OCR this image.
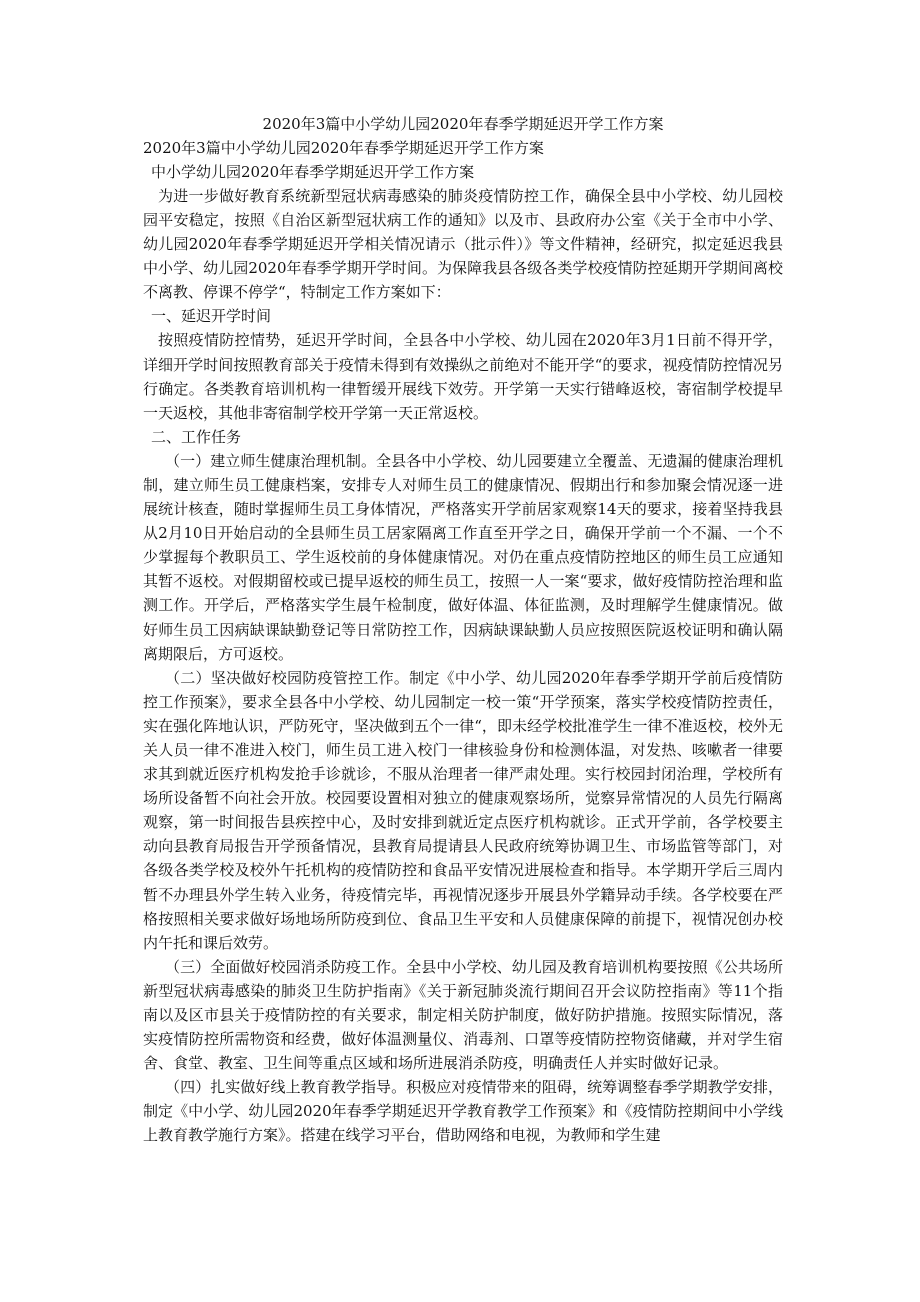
2020年3篇中小学幼儿园2020年春季学期延迟开学工作方案

2020年3篇中小学幼儿园2020年春季学期延迟开学工作方案

中小学幼儿园2020年春季学期延迟开学工作方案

为进一步做好教育系统新型冠状病毒感染的肺炎疫情防控工作，确保全县中小学校、幼儿园校园平安稳定，按照《自治区新型冠状病工作的通知》以及市、县政府办公室《关于全市中小学、幼儿园2020年春季学期延迟开学相关情况请示（批示件）》等文件精神，经研究，拟定延迟我县中小学、幼儿园2020年春季学期开学时间。为保障我县各级各类学校疫情防控延期开学期间离校不离教、停课不停学“，特制定工作方案如下：

一、延迟开学时间

按照疫情防控情势，延迟开学时间，全县各中小学校、幼儿园在2020年3月1日前不得开学，详细开学时间按照教育部关于疫情未得到有效操纵之前绝对不能开学“的要求，视疫情防控情况另行确定。各类教育培训机构一律暂缓开展线下效劳。开学第一天实行错峰返校，寄宿制学校提早一天返校，其他非寄宿制学校开学第一天正常返校。

二、工作任务

（一）建立师生健康治理机制。全县各中小学校、幼儿园要建立全覆盖、无遗漏的健康治理机制，建立师生员工健康档案，安排专人对师生员工的健康情况、假期出行和参加聚会情况逐一进展统计核查，随时掌握师生员工身体情况，严格落实开学前居家观察14天的要求，接着坚持我县从2月10日开始启动的全县师生员工居家隔离工作直至开学之日，确保开学前一个不漏、一个不少掌握每个教职员工、学生返校前的身体健康情况。对仍在重点疫情防控地区的师生员工应通知其暂不返校。对假期留校或已提早返校的师生员工，按照一人一案“要求，做好疫情防控治理和监测工作。开学后，严格落实学生晨午检制度，做好体温、体征监测，及时理解学生健康情况。做好师生员工因病缺课缺勤登记等日常防控工作，因病缺课缺勤人员应按照医院返校证明和确认隔离期限后，方可返校。

（二）坚决做好校园防疫管控工作。制定《中小学、幼儿园2020年春季学期开学前后疫情防控工作预案》，要求全县各中小学校、幼儿园制定一校一策“开学预案，落实学校疫情防控责任，实在强化阵地认识，严防死守，坚决做到五个一律“，即未经学校批准学生一律不准返校，校外无关人员一律不准进入校门，师生员工进入校门一律核验身份和检测体温，对发热、咳嗽者一律要求其到就近医疗机构发抢手诊就诊，不服从治理者一律严肃处理。实行校园封闭治理，学校所有场所设备暂不向社会开放。校园要设置相对独立的健康观察场所，觉察异常情况的人员先行隔离观察，第一时间报告县疾控中心，及时安排到就近定点医疗机构就诊。正式开学前，各学校要主动向县教育局报告开学预备情况，县教育局提请县人民政府统筹协调卫生、市场监管等部门，对各级各类学校及校外午托机构的疫情防控和食品平安情况进展检查和指导。本学期开学后三周内暂不办理县外学生转入业务，待疫情完毕，再视情况逐步开展县外学籍异动手续。各学校要在严格按照相关要求做好场地场所防疫到位、食品卫生平安和人员健康保障的前提下，视情况创办校内午托和课后效劳。

（三）全面做好校园消杀防疫工作。全县中小学校、幼儿园及教育培训机构要按照《公共场所新型冠状病毒感染的肺炎卫生防护指南》《关于新冠肺炎流行期间召开会议防控指南》等11个指南以及区市县关于疫情防控的有关要求，制定相关防护制度，做好防护措施。按照实际情况，落实疫情防控所需物资和经费，做好体温测量仪、消毒剂、口罩等疫情防控物资储藏，并对学生宿舍、食堂、教室、卫生间等重点区域和场所进展消杀防疫，明确责任人并实时做好记录。

（四）扎实做好线上教育教学指导。积极应对疫情带来的阻碍，统筹调整春季学期教学安排，制定《中小学、幼儿园2020年春季学期延迟开学教育教学工作预案》和《疫情防控期间中小学线上教育教学施行方案》。搭建在线学习平台，借助网络和电视，为教师和学生建
